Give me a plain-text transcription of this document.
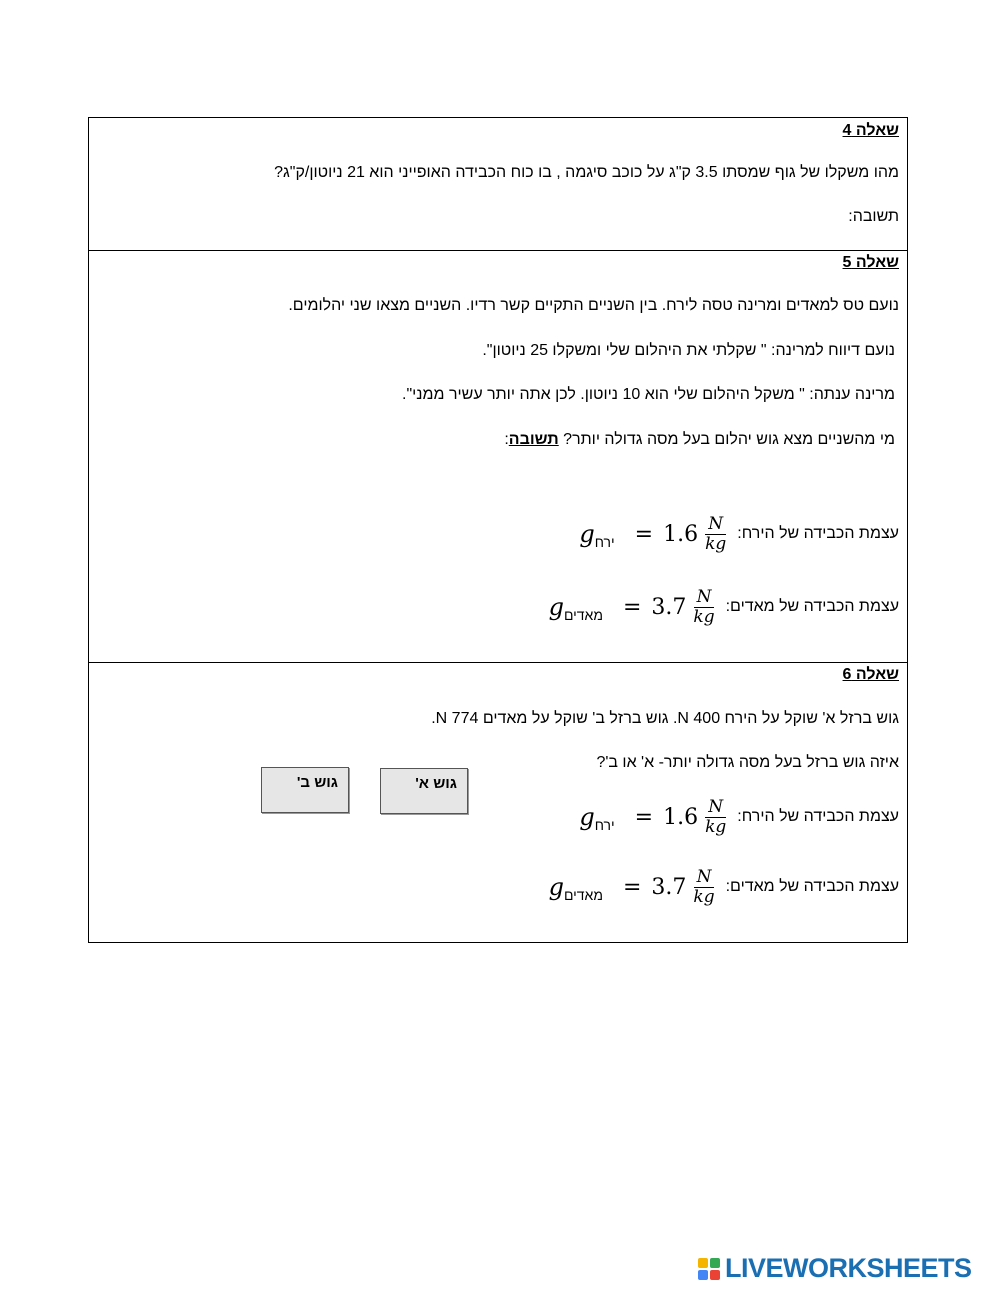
שאלה 4
מהו משקלו של גוף שמסתו 3.5 ק"ג על כוכב סיגמה , בו כוח הכבידה האופייני הוא 21 ניוטון/ק"ג?
תשובה:
שאלה 5
נועם טס למאדים ומרינה טסה לירח. בין השניים התקיים קשר רדיו. השניים מצאו שני יהלומים.
נועם דיווח למרינה: " שקלתי את היהלום שלי ומשקלו 25 ניוטון".
מרינה ענתה: " משקל היהלום שלי הוא 10 ניוטון. לכן אתה יותר עשיר ממני".
מי מהשניים מצא גוש יהלום בעל מסה גדולה יותר? תשובה:
עצמת הכבידה של הירח:
g ירח = $1.6 \frac{N}{kg}$
עצמת הכבידה של מאדים:
g מאדים = $3.7 \frac{N}{kg}$
שאלה 6
גוש ברזל א' שוקל על הירח N 400. גוש ברזל ב' שוקל על מאדים N 774.
איזה גוש ברזל בעל מסה גדולה יותר- א' או ב'?
גוש א'
גוש ב'
עצמת הכבידה של הירח:
g ירח = $1.6 \frac{N}{kg}$
עצמת הכבידה של מאדים:
g מאדים = $3.7 \frac{N}{kg}$
LIVEWORKSHEETS
